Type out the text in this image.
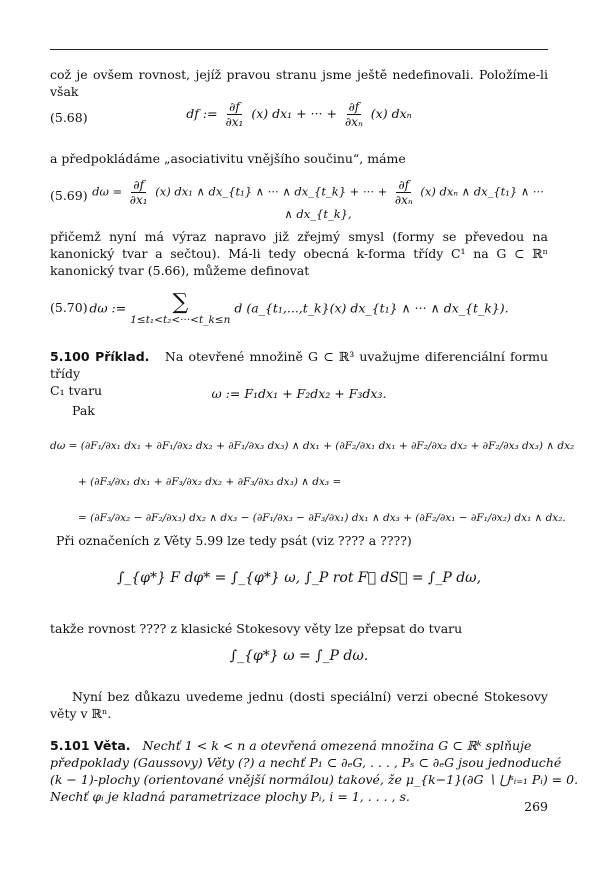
což je ovšem rovnost, jejíž pravou stranu jsme ještě nedefinovali. Položíme-li však
(5.68)	df := $\frac{\partial f}{\text{∂x₁}} (x) dx_1$ + ··· + $\frac{\partial f}{\text{∂xₙ}} (x)$ dxₙ
a předpokládáme „asociativitu vnějšího součinu“, máme
(5.69) $d\omega = \frac{\partial f}{\text{∂x₁}} (x)$ dx₁ ∧ dx_{t₁} ∧ ··· ∧ dx_{t_k} + ··· + $\frac{\partial f}{\text{∂xₙ}} (x)$ dxₙ ∧ dx_{t₁} ∧ ··· ∧ dx_{t_k},
přičemž nyní má výraz napravo již zřejmý smysl (formy se převedou na kanonický tvar a sečtou). Má-li tedy obecná k-forma třídy C¹ na G ⊂ ℝⁿ kanonický tvar (5.66), můžeme definovat
(5.70) dω := ∑
1≤t₁<t₂<···<t_k≤n
d (a_{t₁,...,t_k}(x) dx_{t₁} ∧ ··· ∧ dx_{t_k}).
5.100 Příklad. Na otevřené množině G ⊂ ℝ³ uvažujme diferenciální formu třídy
C₁ tvaru	ω := F₁dx₁ + F₂dx₂ + F₃dx₃.
Pak
dω = (∂F₁/∂x₁ dx₁ + ∂F₁/∂x₂ dx₂ + ∂F₁/∂x₃ dx₃) ∧ dx₁ + (∂F₂/∂x₁ dx₁ + ∂F₂/∂x₂ dx₂ + ∂F₂/∂x₃ dx₃) ∧ dx₂
+ (∂F₃/∂x₁ dx₁ + ∂F₃/∂x₂ dx₂ + ∂F₃/∂x₃ dx₃) ∧ dx₃ =
= (∂F₃/∂x₂ − ∂F₂/∂x₃) dx₂ ∧ dx₃ − (∂F₁/∂x₃ − ∂F₃/∂x₁) dx₁ ∧ dx₃ + (∂F₂/∂x₁ − ∂F₁/∂x₂) dx₁ ∧ dx₂.
Při označeních z Věty 5.99 lze tedy psát (viz ???? a ????)
∫_{φ*} F dφ* = ∫_{φ*} ω, ∫_P rot F⃗ dS⃗ = ∫_P dω,
takže rovnost ???? z klasické Stokesovy věty lze přepsat do tvaru
∫_{φ*} ω = ∫_P dω.
Nyní bez důkazu uvedeme jednu (dosti speciální) verzi obecné Stokesovy věty v ℝⁿ.
5.101 Věta. Nechť 1 < k < n a otevřená omezená množina G ⊂ ℝᵏ splňuje
předpoklady (Gaussovy) Věty (?) a nechť P₁ ⊂ ∂ₑG, . . . , Pₛ ⊂ ∂ₑG jsou jednoduché
(k − 1)-plochy (orientované vnější normálou) takové, že μ_{k−1}(∂G ∖ ⋃ˢᵢ₌₁ Pᵢ) = 0.
Nechť φᵢ je kladná parametrizace plochy Pᵢ, i = 1, . . . , s.
269
